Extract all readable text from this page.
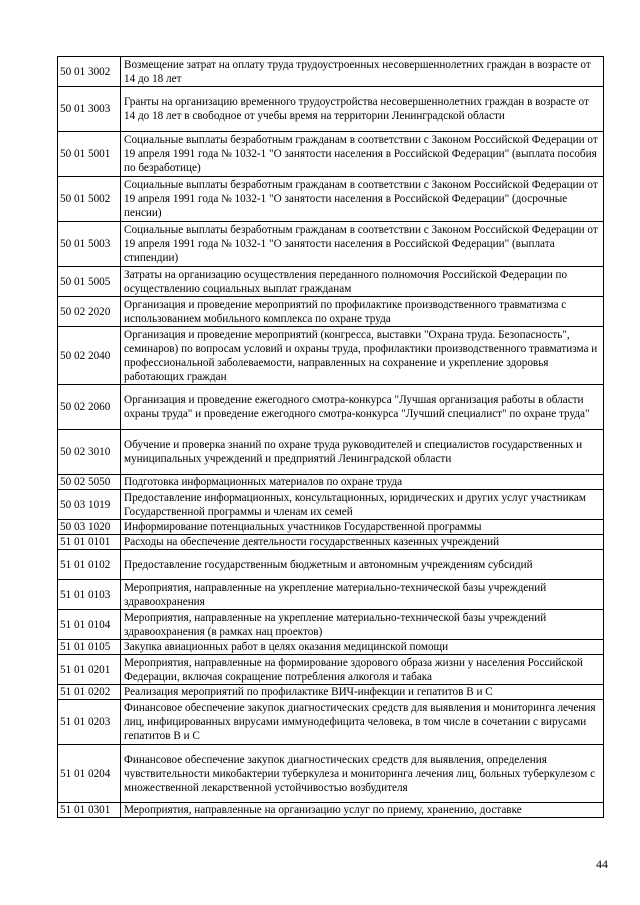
50 01 3002	Возмещение затрат на оплату труда трудоустроенных несовершеннолетних граждан в возрасте от 14 до 18 лет
50 01 3003	Гранты на организацию временного трудоустройства несовершеннолетних граждан в возрасте от 14 до 18 лет в свободное от учебы время на территории Ленинградской области
50 01 5001	Социальные выплаты безработным гражданам в соответствии с Законом Российской Федерации от 19 апреля 1991 года № 1032-1 "О занятости населения в Российской Федерации" (выплата пособия по безработице)
50 01 5002	Социальные выплаты безработным гражданам в соответствии с Законом Российской Федерации от 19 апреля 1991 года № 1032-1 "О занятости населения в Российской Федерации" (досрочные пенсии)
50 01 5003	Социальные выплаты безработным гражданам в соответствии с Законом Российской Федерации от 19 апреля 1991 года № 1032-1 "О занятости населения в Российской Федерации" (выплата стипендии)
50 01 5005	Затраты на организацию осуществления переданного полномочия Российской Федерации по осуществлению социальных выплат гражданам
50 02 2020	Организация и проведение мероприятий по профилактике производственного травматизма с использованием мобильного комплекса по охране труда
50 02 2040	Организация и проведение мероприятий (конгресса, выставки "Охрана труда. Безопасность", семинаров) по вопросам условий и охраны труда, профилактики производственного травматизма и профессиональной заболеваемости, направленных на сохранение и укрепление здоровья работающих граждан
50 02 2060	Организация и проведение ежегодного смотра-конкурса "Лучшая организация работы в области охраны труда" и проведение ежегодного смотра-конкурса "Лучший специалист" по охране труда"
50 02 3010	Обучение и проверка знаний по охране труда руководителей и специалистов государственных и муниципальных учреждений и предприятий Ленинградской области
50 02 5050	Подготовка информационных материалов по охране труда
50 03 1019	Предоставление информационных, консультационных, юридических и других услуг участникам Государственной программы и членам их семей
50 03 1020	Информирование потенциальных участников Государственной программы
51 01 0101	Расходы на обеспечение деятельности государственных казенных учреждений
51 01 0102	Предоставление государственным бюджетным и автономным учреждениям субсидий
51 01 0103	Мероприятия, направленные на укрепление материально-технической базы учреждений здравоохранения
51 01 0104	Мероприятия, направленные на укрепление материально-технической базы учреждений здравоохранения (в рамках нац проектов)
51 01 0105	Закупка авиационных работ в целях оказания медицинской помощи
51 01 0201	Мероприятия, направленные на формирование здорового образа жизни у населения Российской Федерации, включая сокращение потребления алкоголя и табака
51 01 0202	Реализация мероприятий по профилактике ВИЧ-инфекции и гепатитов B и C
51 01 0203	Финансовое обеспечение закупок диагностических средств для выявления и мониторинга лечения лиц, инфицированных вирусами иммунодефицита человека, в том числе в сочетании с вирусами гепатитов B и C
51 01 0204	Финансовое обеспечение закупок диагностических средств для выявления, определения чувствительности микобактерии туберкулеза и мониторинга лечения лиц, больных туберкулезом с множественной лекарственной устойчивостью возбудителя
51 01 0301	Мероприятия, направленные на организацию услуг по приему, хранению, доставке
44
